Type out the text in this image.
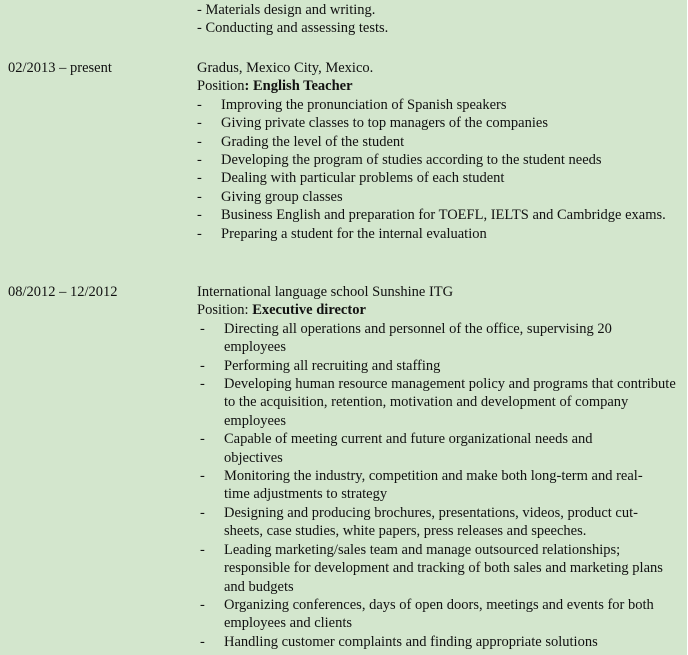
- Materials design and writing.
- Conducting and assessing tests.
02/2013 – present	Gradus, Mexico City, Mexico.
Position: English Teacher
- Improving the pronunciation of Spanish speakers
- Giving private classes to top managers of the companies
- Grading the level of the student
- Developing the program of studies according to the student needs
- Dealing with particular problems of each student
- Giving group classes
- Business English and preparation for TOEFL, IELTS and Cambridge exams.
- Preparing a student for the internal evaluation
08/2012 – 12/2012	International language school Sunshine ITG
Position: Executive director
- Directing all operations and personnel of the office, supervising 20 employees
- Performing all recruiting and staffing
- Developing human resource management policy and programs that contribute to the acquisition, retention, motivation and development of company employees
- Capable of meeting current and future organizational needs and objectives
- Monitoring the industry, competition and make both long-term and real-time adjustments to strategy
- Designing and producing brochures, presentations, videos, product cut-sheets, case studies, white papers, press releases and speeches.
- Leading marketing/sales team and manage outsourced relationships; responsible for development and tracking of both sales and marketing plans and budgets
- Organizing conferences, days of open doors, meetings and events for both employees and clients
- Handling customer complaints and finding appropriate solutions
